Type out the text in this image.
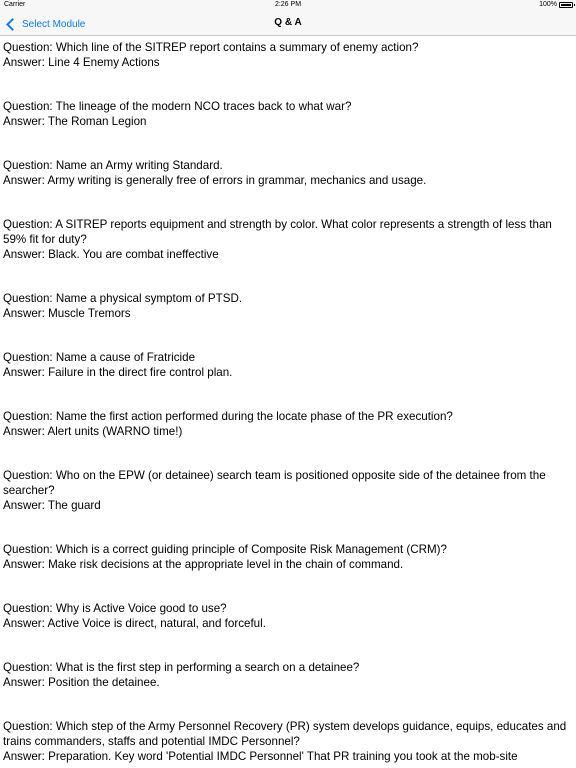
Carrier	2:26 PM	100%
Select Module	Q & A
Question: Which line of the SITREP report contains a summary of enemy action?
Answer: Line 4 Enemy Actions
Question: The lineage of the modern NCO traces back to what war?
Answer: The Roman Legion
Question: Name an Army writing Standard.
Answer: Army writing is generally free of errors in grammar, mechanics and usage.
Question: A SITREP reports equipment and strength by color. What color represents a strength of less than 59% fit for duty?
Answer: Black. You are combat ineffective
Question: Name a physical symptom of PTSD.
Answer: Muscle Tremors
Question: Name a cause of Fratricide
Answer: Failure in the direct fire control plan.
Question: Name the first action performed during the locate phase of the PR execution?
Answer: Alert units (WARNO time!)
Question: Who on the EPW (or detainee) search team is positioned opposite side of the detainee from the searcher?
Answer: The guard
Question: Which is a correct guiding principle of Composite Risk Management (CRM)?
Answer: Make risk decisions at the appropriate level in the chain of command.
Question: Why is Active Voice good to use?
Answer: Active Voice is direct, natural, and forceful.
Question: What is the first step in performing a search on a detainee?
Answer: Position the detainee.
Question: Which step of the Army Personnel Recovery (PR) system develops guidance, equips, educates and trains commanders, staffs and potential IMDC Personnel?
Answer: Preparation. Key word 'Potential IMDC Personnel' That PR training you took at the mob-site
